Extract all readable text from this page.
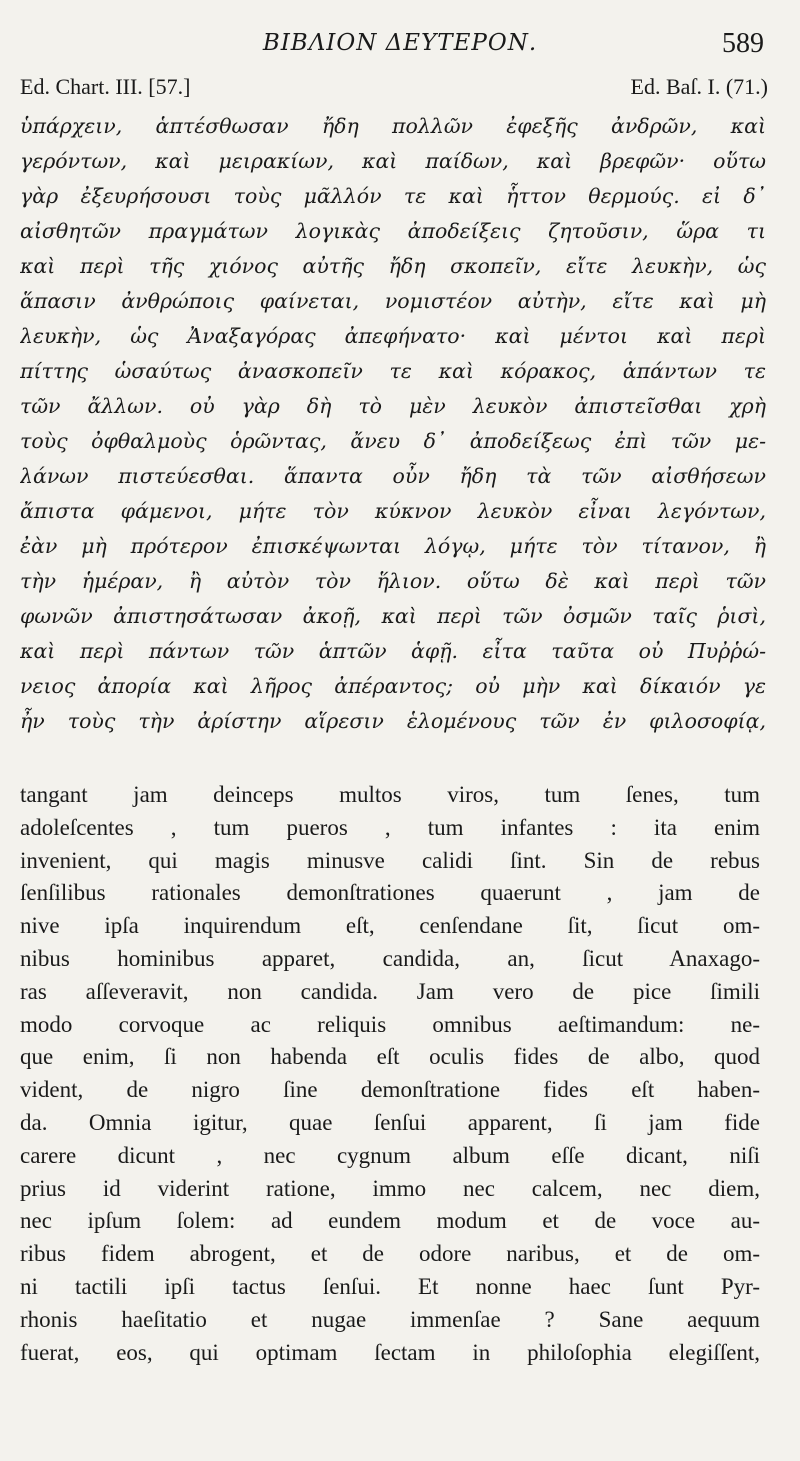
ΒΙΒΛΙΟΝ ΔΕΥΤΕΡΟΝ.	589
Ed. Chart. III. [57.]	Ed. Baſ. I. (71.)
ὑπάρχειν, ἁπτέσθωσαν ἤδη πολλῶν ἐφεξῆς ἀνδρῶν, καὶ
γερόντων, καὶ μειρακίων, καὶ παίδων, καὶ βρεφῶν· οὕτω
γὰρ ἐξευρήσουσι τοὺς μᾶλλόν τε καὶ ἧττον θερμούς. εἰ δ᾽
αἰσθητῶν πραγμάτων λογικὰς ἀποδείξεις ζητοῦσιν, ὥρα τι
καὶ περὶ τῆς χιόνος αὐτῆς ἤδη σκοπεῖν, εἴτε λευκὴν, ὡς
ἅπασιν ἀνθρώποις φαίνεται, νομιστέον αὐτὴν, εἴτε καὶ μὴ
λευκὴν, ὡς Ἀναξαγόρας ἀπεφήνατο· καὶ μέντοι καὶ περὶ
πίττης ὡσαύτως ἀνασκοπεῖν τε καὶ κόρακος, ἁπάντων τε
τῶν ἄλλων. οὐ γὰρ δὴ τὸ μὲν λευκὸν ἀπιστεῖσθαι χρὴ
τοὺς ὀφθαλμοὺς ὁρῶντας, ἄνευ δ᾽ ἀποδείξεως ἐπὶ τῶν με-
λάνων πιστεύεσθαι. ἅπαντα οὖν ἤδη τὰ τῶν αἰσθήσεων
ἄπιστα φάμενοι, μήτε τὸν κύκνον λευκὸν εἶναι λεγόντων,
ἐὰν μὴ πρότερον ἐπισκέψωνται λόγῳ, μήτε τὸν τίτανον, ἢ
τὴν ἡμέραν, ἢ αὐτὸν τὸν ἥλιον. οὕτω δὲ καὶ περὶ τῶν
φωνῶν ἀπιστησάτωσαν ἀκοῇ, καὶ περὶ τῶν ὀσμῶν ταῖς ῥισὶ,
καὶ περὶ πάντων τῶν ἁπτῶν ἁφῇ. εἶτα ταῦτα οὐ Πυῤῥώ-
νειος ἀπορία καὶ λῆρος ἀπέραντος; οὐ μὴν καὶ δίκαιόν γε
ἦν τοὺς τὴν ἀρίστην αἵρεσιν ἑλομένους τῶν ἐν φιλοσοφίᾳ,
tangant jam deinceps multos viros, tum ſenes, tum
adoleſcentes , tum pueros , tum infantes : ita enim
invenient, qui magis minusve calidi ſint. Sin de rebus
ſenſilibus rationales demonſtrationes quaerunt , jam de
nive ipſa inquirendum eſt, cenſendane ſit, ſicut om-
nibus hominibus apparet, candida, an, ſicut Anaxago-
ras aſſeveravit, non candida. Jam vero de pice ſimili
modo corvoque ac reliquis omnibus aeſtimandum: ne-
que enim, ſi non habenda eſt oculis fides de albo, quod
vident, de nigro ſine demonſtratione fides eſt haben-
da. Omnia igitur, quae ſenſui apparent, ſi jam fide
carere dicunt , nec cygnum album eſſe dicant, niſi
prius id viderint ratione, immo nec calcem, nec diem,
nec ipſum ſolem: ad eundem modum et de voce au-
ribus fidem abrogent, et de odore naribus, et de om-
ni tactili ipſi tactus ſenſui. Et nonne haec ſunt Pyr-
rhonis haeſitatio et nugae immenſae ? Sane aequum
fuerat, eos, qui optimam ſectam in philoſophia elegiſſent,
